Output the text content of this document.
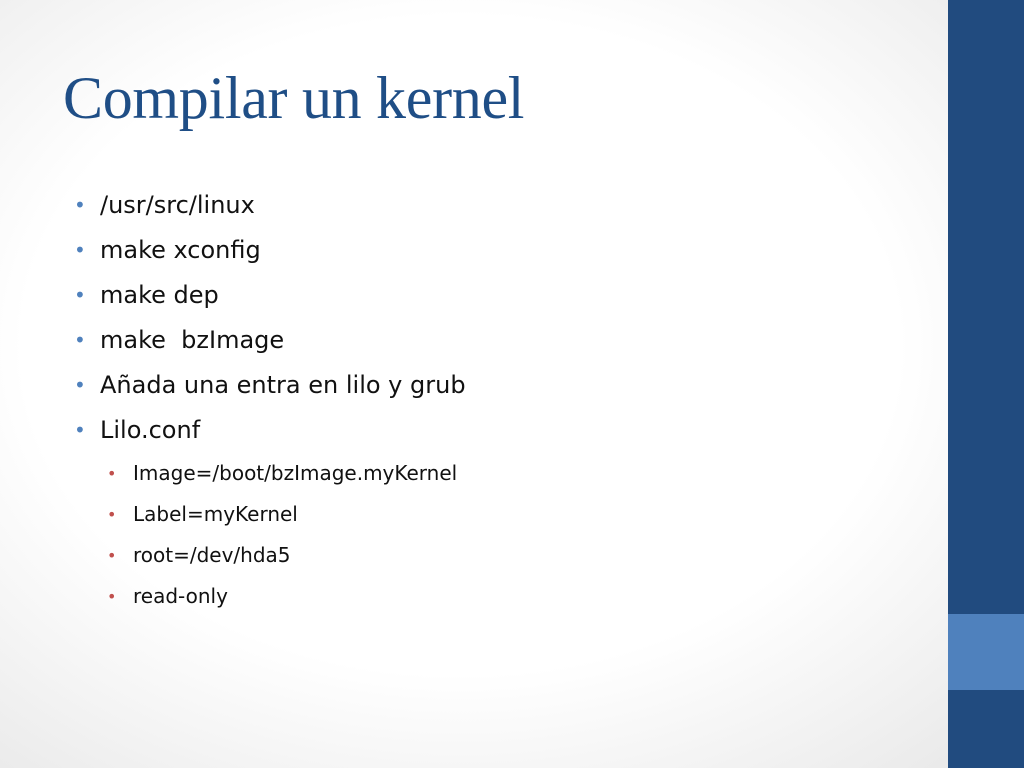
Compilar un kernel
• /usr/src/linux
• make xconfig
• make dep
• make  bzImage
• Añada una entra en lilo y grub
• Lilo.conf
• Image=/boot/bzImage.myKernel
• Label=myKernel
• root=/dev/hda5
• read-only
